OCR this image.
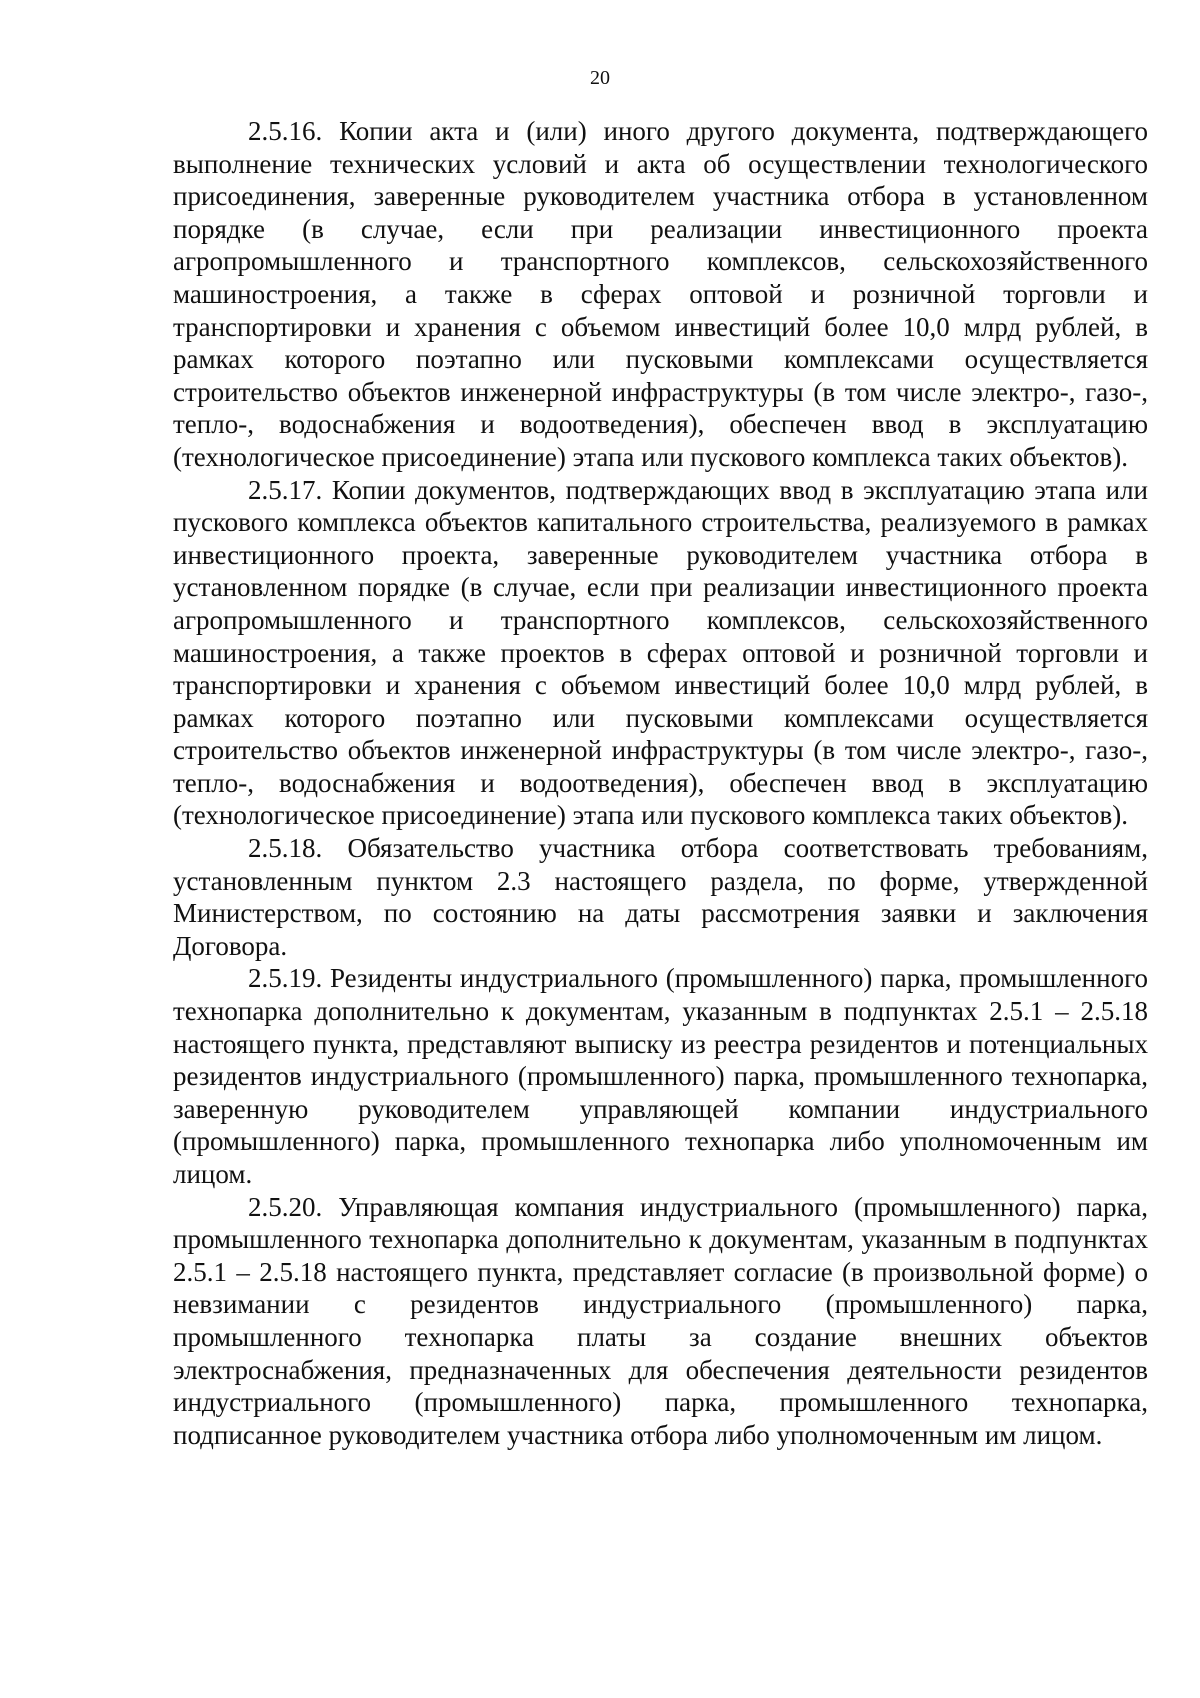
20

2.5.16. Копии акта и (или) иного другого документа, подтверждающего выполнение технических условий и акта об осуществлении технологического присоединения, заверенные руководителем участника отбора в установленном порядке (в случае, если при реализации инвестиционного проекта агропромышленного и транспортного комплексов, сельскохозяйственного машиностроения, а также в сферах оптовой и розничной торговли и транспортировки и хранения с объемом инвестиций более 10,0 млрд рублей, в рамках которого поэтапно или пусковыми комплексами осуществляется строительство объектов инженерной инфраструктуры (в том числе электро-, газо-, тепло-, водоснабжения и водоотведения), обеспечен ввод в эксплуатацию (технологическое присоединение) этапа или пускового комплекса таких объектов).

2.5.17. Копии документов, подтверждающих ввод в эксплуатацию этапа или пускового комплекса объектов капитального строительства, реализуемого в рамках инвестиционного проекта, заверенные руководителем участника отбора в установленном порядке (в случае, если при реализации инвестиционного проекта агропромышленного и транспортного комплексов, сельскохозяйственного машиностроения, а также проектов в сферах оптовой и розничной торговли и транспортировки и хранения с объемом инвестиций более 10,0 млрд рублей, в рамках которого поэтапно или пусковыми комплексами осуществляется строительство объектов инженерной инфраструктуры (в том числе электро-, газо-, тепло-, водоснабжения и водоотведения), обеспечен ввод в эксплуатацию (технологическое присоединение) этапа или пускового комплекса таких объектов).

2.5.18. Обязательство участника отбора соответствовать требованиям, установленным пунктом 2.3 настоящего раздела, по форме, утвержденной Министерством, по состоянию на даты рассмотрения заявки и заключения Договора.

2.5.19. Резиденты индустриального (промышленного) парка, промышленного технопарка дополнительно к документам, указанным в подпунктах 2.5.1 – 2.5.18 настоящего пункта, представляют выписку из реестра резидентов и потенциальных резидентов индустриального (промышленного) парка, промышленного технопарка, заверенную руководителем управляющей компании индустриального (промышленного) парка, промышленного технопарка либо уполномоченным им лицом.

2.5.20. Управляющая компания индустриального (промышленного) парка, промышленного технопарка дополнительно к документам, указанным в подпунктах 2.5.1 – 2.5.18 настоящего пункта, представляет согласие (в произвольной форме) о невзимании с резидентов индустриального (промышленного) парка, промышленного технопарка платы за создание внешних объектов электроснабжения, предназначенных для обеспечения деятельности резидентов индустриального (промышленного) парка, промышленного технопарка, подписанное руководителем участника отбора либо уполномоченным им лицом.
